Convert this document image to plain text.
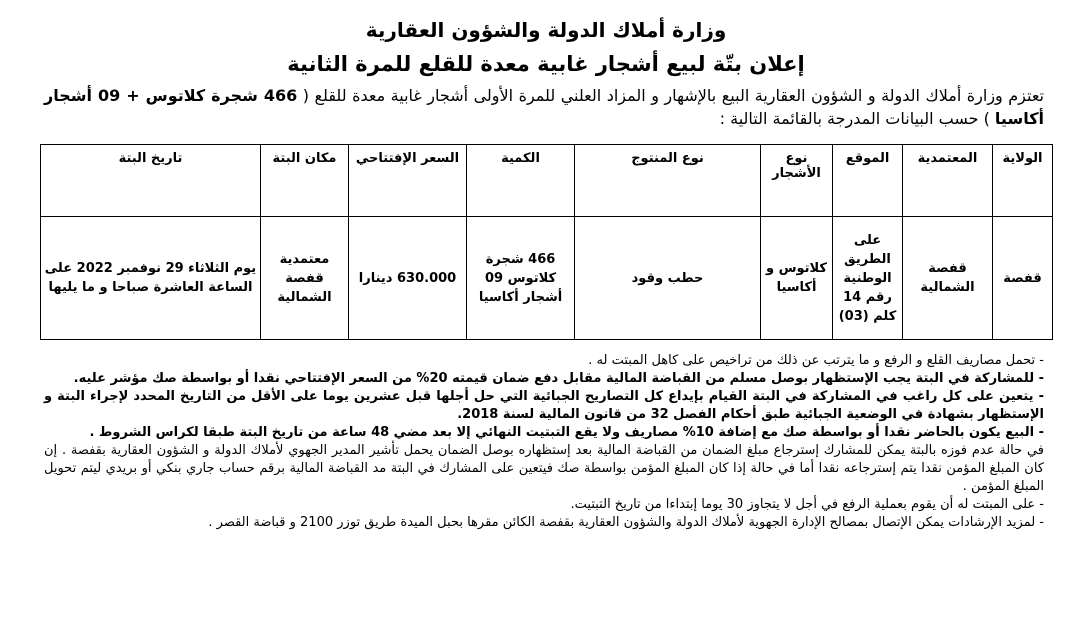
وزارة أملاك الدولة والشؤون العقارية
إعلان بتّة لبيع أشجار غابية معدة للقلع للمرة الثانية
تعتزم وزارة أملاك الدولة و الشؤون العقارية البيع بالإشهار و المزاد العلني للمرة الأولى أشجار غابية معدة للقلع ( 466 شجرة كلاتوس + 09 أشجار أكاسيا ) حسب البيانات المدرجة بالقائمة التالية :
الولاية	المعتمدية	الموقع	نوع الأشجار	نوع المنتوج	الكمية	السعر الإفتتاحي	مكان البتة	تاريخ البتة
قفصة	قفصة الشمالية	على الطريق الوطنية رقم 14 كلم (03)	كلاتوس و أكاسيا	حطب وقود	466 شجرة كلاتوس 09 أشجار أكاسيا	630.000 دينارا	معتمدية قفصة الشمالية	يوم الثلاثاء 29 نوفمبر 2022 على الساعة العاشرة صباحا و ما يليها

- تحمل مصاريف القلع و الرفع و ما يترتب عن ذلك من تراخيص على كاهل المبتت له .

- للمشاركة في البتة يجب الإستظهار بوصل مسلم من القباضة المالية مقابل دفع ضمان قيمته 20% من السعر الإفتتاحي نقدا أو بواسطة صك مؤشر عليه.

- يتعين على كل راغب في المشاركة في البتة القيام بإيداع كل التصاريح الجبائية التي حل أجلها قبل عشرين يوما على الأقل من التاريخ المحدد لإجراء البتة و الإستظهار بشهادة في الوضعية الجبائية طبق أحكام الفصل 32 من قانون المالية لسنة 2018.

- البيع يكون بالحاضر نقدا أو بواسطة صك مع إضافة 10% مصاريف ولا يقع التبتيت النهائي إلا بعد مضي 48 ساعة من تاريخ البتة طبقا لكراس الشروط .

في حالة عدم فوزه بالبتة يمكن للمشارك إسترجاع مبلغ الضمان من القباضة المالية بعد إستظهاره بوصل الضمان يحمل تأشير المدير الجهوي لأملاك الدولة و الشؤون العقارية بقفصة . إن كان المبلغ المؤمن نقدا يتم إسترجاعه نقدا أما في حالة إذا كان المبلغ المؤمن بواسطة صك فيتعين على المشارك في البتة مد القباضة المالية برقم حساب جاري بنكي أو بريدي ليتم تحويل المبلغ المؤمن .

- على المبتت له أن يقوم بعملية الرفع في أجل لا يتجاوز 30 يوما إبتداءا من تاريخ التبتيت.

- لمزيد الإرشادات يمكن الإتصال بمصالح الإدارة الجهوية لأملاك الدولة والشؤون العقارية بقفصة الكائن مقرها بحبل الميدة طريق توزر 2100 و قباضة القصر .
